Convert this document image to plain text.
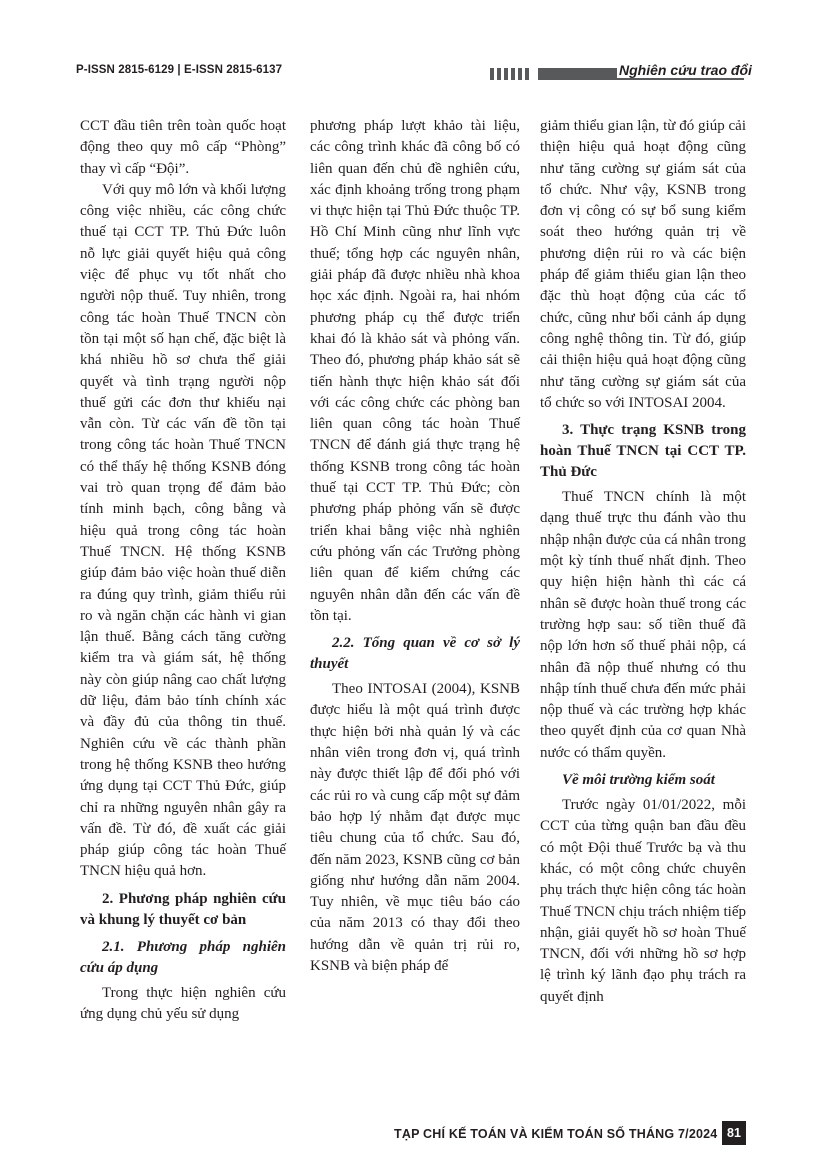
P-ISSN 2815-6129 | E-ISSN 2815-6137	Nghiên cứu trao đổi

CCT đầu tiên trên toàn quốc hoạt động theo quy mô cấp “Phòng” thay vì cấp “Đội”.

Với quy mô lớn và khối lượng công việc nhiều, các công chức thuế tại CCT TP. Thủ Đức luôn nỗ lực giải quyết hiệu quả công việc để phục vụ tốt nhất cho người nộp thuế. Tuy nhiên, trong công tác hoàn Thuế TNCN còn tồn tại một số hạn chế, đặc biệt là khá nhiều hồ sơ chưa thể giải quyết và tình trạng người nộp thuế gửi các đơn thư khiếu nại vẫn còn. Từ các vấn đề tồn tại trong công tác hoàn Thuế TNCN có thể thấy hệ thống KSNB đóng vai trò quan trọng để đảm bảo tính minh bạch, công bằng và hiệu quả trong công tác hoàn Thuế TNCN. Hệ thống KSNB giúp đảm bảo việc hoàn thuế diễn ra đúng quy trình, giảm thiểu rủi ro và ngăn chặn các hành vi gian lận thuế. Bằng cách tăng cường kiểm tra và giám sát, hệ thống này còn giúp nâng cao chất lượng dữ liệu, đảm bảo tính chính xác và đầy đủ của thông tin thuế. Nghiên cứu về các thành phần trong hệ thống KSNB theo hướng ứng dụng tại CCT Thủ Đức, giúp chỉ ra những nguyên nhân gây ra vấn đề. Từ đó, đề xuất các giải pháp giúp công tác hoàn Thuế TNCN hiệu quả hơn.

2. Phương pháp nghiên cứu và khung lý thuyết cơ bản
2.1. Phương pháp nghiên cứu áp dụng

Trong thực hiện nghiên cứu ứng dụng chủ yếu sử dụng

phương pháp lượt khảo tài liệu, các công trình khác đã công bố có liên quan đến chủ đề nghiên cứu, xác định khoảng trống trong phạm vi thực hiện tại Thủ Đức thuộc TP. Hồ Chí Minh cũng như lĩnh vực thuế; tổng hợp các nguyên nhân, giải pháp đã được nhiều nhà khoa học xác định. Ngoài ra, hai nhóm phương pháp cụ thể được triển khai đó là khảo sát và phỏng vấn. Theo đó, phương pháp khảo sát sẽ tiến hành thực hiện khảo sát đối với các công chức các phòng ban liên quan công tác hoàn Thuế TNCN để đánh giá thực trạng hệ thống KSNB trong công tác hoàn thuế tại CCT TP. Thủ Đức; còn phương pháp phỏng vấn sẽ được triển khai bằng việc nhà nghiên cứu phỏng vấn các Trưởng phòng liên quan để kiểm chứng các nguyên nhân dẫn đến các vấn đề tồn tại.

2.2. Tổng quan về cơ sở lý thuyết

Theo INTOSAI (2004), KSNB được hiểu là một quá trình được thực hiện bởi nhà quản lý và các nhân viên trong đơn vị, quá trình này được thiết lập để đối phó với các rủi ro và cung cấp một sự đảm bảo hợp lý nhằm đạt được mục tiêu chung của tổ chức. Sau đó, đến năm 2023, KSNB cũng cơ bản giống như hướng dẫn năm 2004. Tuy nhiên, về mục tiêu báo cáo của năm 2013 có thay đổi theo hướng dẫn về quản trị rủi ro, KSNB và biện pháp để

giảm thiểu gian lận, từ đó giúp cải thiện hiệu quả hoạt động cũng như tăng cường sự giám sát của tổ chức. Như vậy, KSNB trong đơn vị công có sự bổ sung kiểm soát theo hướng quản trị về phương diện rủi ro và các biện pháp để giảm thiểu gian lận theo đặc thù hoạt động của các tổ chức, cũng như bối cảnh áp dụng công nghệ thông tin. Từ đó, giúp cải thiện hiệu quả hoạt động cũng như tăng cường sự giám sát của tổ chức so với INTOSAI 2004.

3. Thực trạng KSNB trong hoàn Thuế TNCN tại CCT TP. Thủ Đức

Thuế TNCN chính là một dạng thuế trực thu đánh vào thu nhập nhận được của cá nhân trong một kỳ tính thuế nhất định. Theo quy hiện hiện hành thì các cá nhân sẽ được hoàn thuế trong các trường hợp sau: số tiền thuế đã nộp lớn hơn số thuế phải nộp, cá nhân đã nộp thuế nhưng có thu nhập tính thuế chưa đến mức phải nộp thuế và các trường hợp khác theo quyết định của cơ quan Nhà nước có thẩm quyền.

Về môi trường kiểm soát

Trước ngày 01/01/2022, mỗi CCT của từng quận ban đầu đều có một Đội thuế Trước bạ và thu khác, có một công chức chuyên phụ trách thực hiện công tác hoàn Thuế TNCN chịu trách nhiệm tiếp nhận, giải quyết hồ sơ hoàn Thuế TNCN, đối với những hồ sơ hợp lệ trình ký lãnh đạo phụ trách ra quyết định

TẠP CHÍ KẾ TOÁN VÀ KIỂM TOÁN SỐ THÁNG 7/2024 81
